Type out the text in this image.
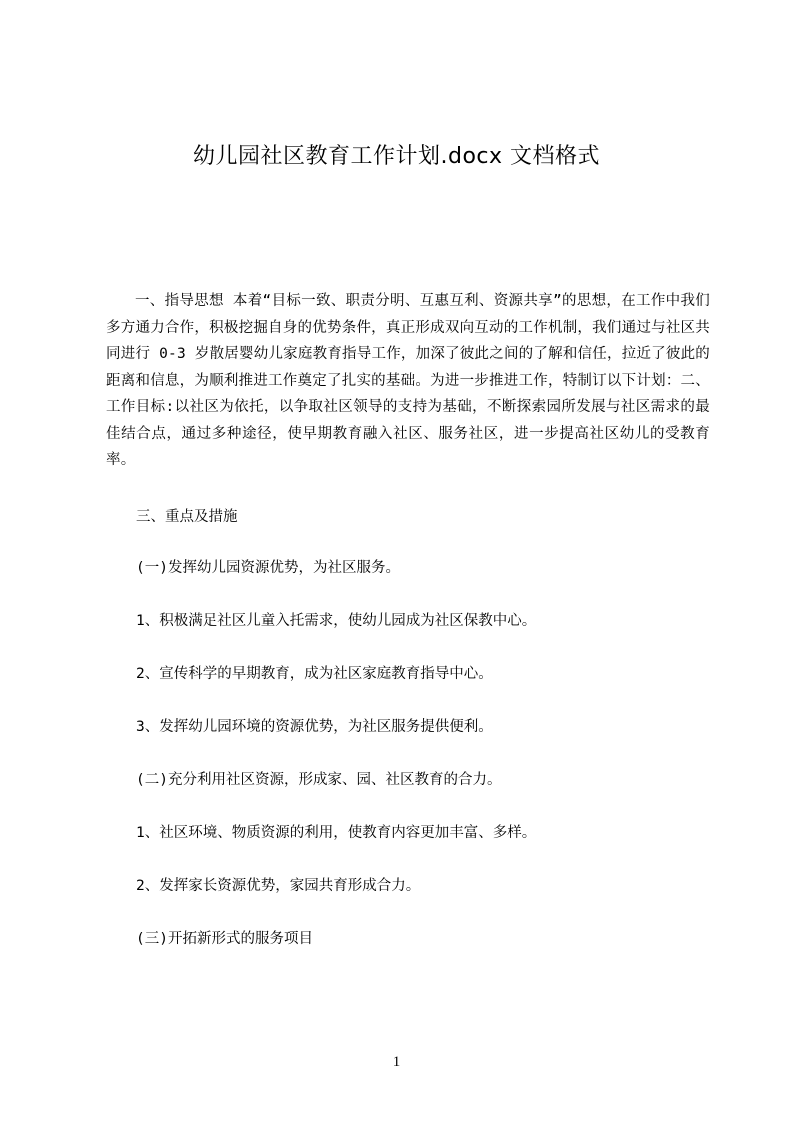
幼儿园社区教育工作计划.docx 文档格式

一、指导思想 本着“目标一致、职责分明、互惠互利、资源共享”的思想，在工作中我们多方通力合作，积极挖掘自身的优势条件，真正形成双向互动的工作机制，我们通过与社区共同进行 0-3 岁散居婴幼儿家庭教育指导工作，加深了彼此之间的了解和信任，拉近了彼此的距离和信息，为顺利推进工作奠定了扎实的基础。为进一步推进工作，特制订以下计划：二、工作目标:以社区为依托，以争取社区领导的支持为基础，不断探索园所发展与社区需求的最佳结合点，通过多种途径，使早期教育融入社区、服务社区，进一步提高社区幼儿的受教育率。

三、重点及措施

(一)发挥幼儿园资源优势，为社区服务。

1、积极满足社区儿童入托需求，使幼儿园成为社区保教中心。

2、宣传科学的早期教育，成为社区家庭教育指导中心。

3、发挥幼儿园环境的资源优势，为社区服务提供便利。

(二)充分利用社区资源，形成家、园、社区教育的合力。

1、社区环境、物质资源的利用，使教育内容更加丰富、多样。

2、发挥家长资源优势，家园共育形成合力。

(三)开拓新形式的服务项目

1
